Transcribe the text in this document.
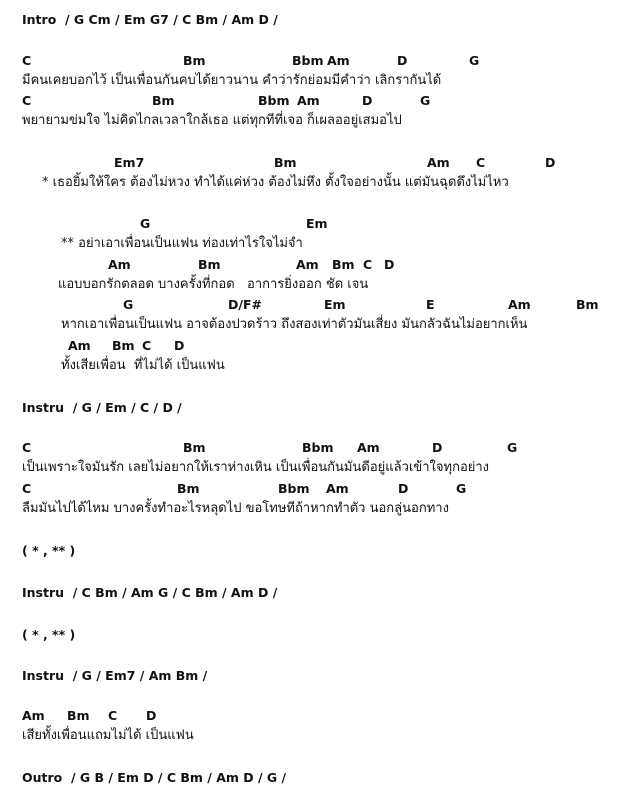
Intro  / G Cm / Em G7 / C Bm / Am D /
C	Bm	Bbm Am	D	G
มีคนเคยบอกไว้ เป็นเพื่อนกันคบได้ยาวนาน คำว่ารักย่อมมีคำว่า เลิกรากันได้
C	Bm	Bbm Am	D	G
พยายามข่มใจ ไม่คิดไกลเวลาใกล้เธอ แต่ทุกทีที่เจอ ก็เผลออยู่เสมอไป
Em7	Bm	Am C	D
* เธอยิ้มให้ใคร ต้องไม่หวง ทำได้แค่ห่วง ต้องไม่หึง ตั้งใจอย่างนั้น แต่มันฉุดดึงไม่ไหว
G	Em
** อย่าเอาเพื่อนเป็นแฟน ท่องเท่าไรใจไม่จำ
Am	Bm	Am Bm C D
แอบบอกรักตลอด บางครั้งที่กอด   อาการยิ่งออก ชัด เจน
G	D/F#	Em	E	Am	Bm
หากเอาเพื่อนเป็นแฟน อาจต้องปวดร้าว ถึงสองเท่าตัวมันเสี่ยง มันกลัวฉันไม่อยากเห็น
Am Bm C D
ทั้งเสียเพื่อน  ที่ไม่ได้ เป็นแฟน
Instru  / G / Em / C / D /
C	Bm	Bbm Am	D	G
เป็นเพราะใจมันรัก เลยไม่อยากให้เราห่างเหิน เป็นเพื่อนกันมันดีอยู่แล้วเข้าใจทุกอย่าง
C	Bm	Bbm Am	D	G
ลืมมันไปได้ไหม บางครั้งทำอะไรหลุดไป ขอโทษทีถ้าหากทำตัว นอกลู่นอกทาง
( * , ** )
Instru  / C Bm / Am G / C Bm / Am D /
( * , ** )
Instru  / G / Em7 / Am Bm /
Am Bm C D
เสียทั้งเพื่อนแถมไม่ได้ เป็นแฟน
Outro  / G B / Em D / C Bm / Am D / G /
